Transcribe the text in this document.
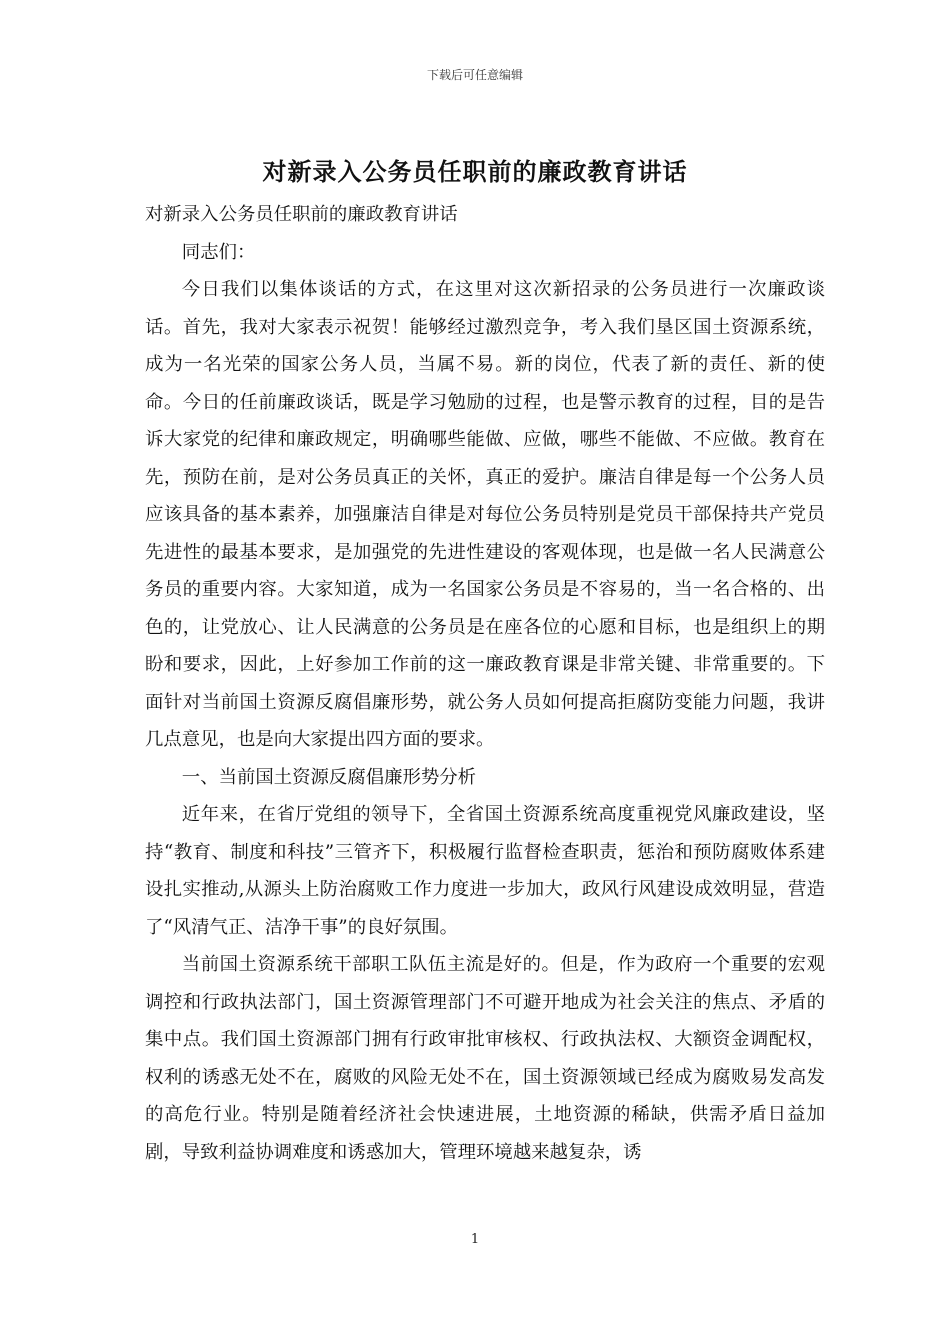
下载后可任意编辑
对新录入公务员任职前的廉政教育讲话

对新录入公务员任职前的廉政教育讲话

同志们：

今日我们以集体谈话的方式，在这里对这次新招录的公务员进行一次廉政谈话。首先，我对大家表示祝贺！能够经过激烈竞争，考入我们垦区国土资源系统，成为一名光荣的国家公务人员，当属不易。新的岗位，代表了新的责任、新的使命。今日的任前廉政谈话，既是学习勉励的过程，也是警示教育的过程，目的是告诉大家党的纪律和廉政规定，明确哪些能做、应做，哪些不能做、不应做。教育在先，预防在前，是对公务员真正的关怀，真正的爱护。廉洁自律是每一个公务人员应该具备的基本素养，加强廉洁自律是对每位公务员特别是党员干部保持共产党员先进性的最基本要求，是加强党的先进性建设的客观体现，也是做一名人民满意公务员的重要内容。大家知道，成为一名国家公务员是不容易的，当一名合格的、出色的，让党放心、让人民满意的公务员是在座各位的心愿和目标，也是组织上的期盼和要求，因此，上好参加工作前的这一廉政教育课是非常关键、非常重要的。下面针对当前国土资源反腐倡廉形势，就公务人员如何提高拒腐防变能力问题，我讲几点意见，也是向大家提出四方面的要求。

一、当前国土资源反腐倡廉形势分析

近年来，在省厅党组的领导下，全省国土资源系统高度重视党风廉政建设，坚持“教育、制度和科技”三管齐下，积极履行监督检查职责，惩治和预防腐败体系建设扎实推动,从源头上防治腐败工作力度进一步加大，政风行风建设成效明显，营造了“风清气正、洁净干事”的良好氛围。

当前国土资源系统干部职工队伍主流是好的。但是，作为政府一个重要的宏观调控和行政执法部门，国土资源管理部门不可避开地成为社会关注的焦点、矛盾的集中点。我们国土资源部门拥有行政审批审核权、行政执法权、大额资金调配权，权利的诱惑无处不在，腐败的风险无处不在，国土资源领域已经成为腐败易发高发的高危行业。特别是随着经济社会快速进展，土地资源的稀缺，供需矛盾日益加剧，导致利益协调难度和诱惑加大，管理环境越来越复杂，诱

1
